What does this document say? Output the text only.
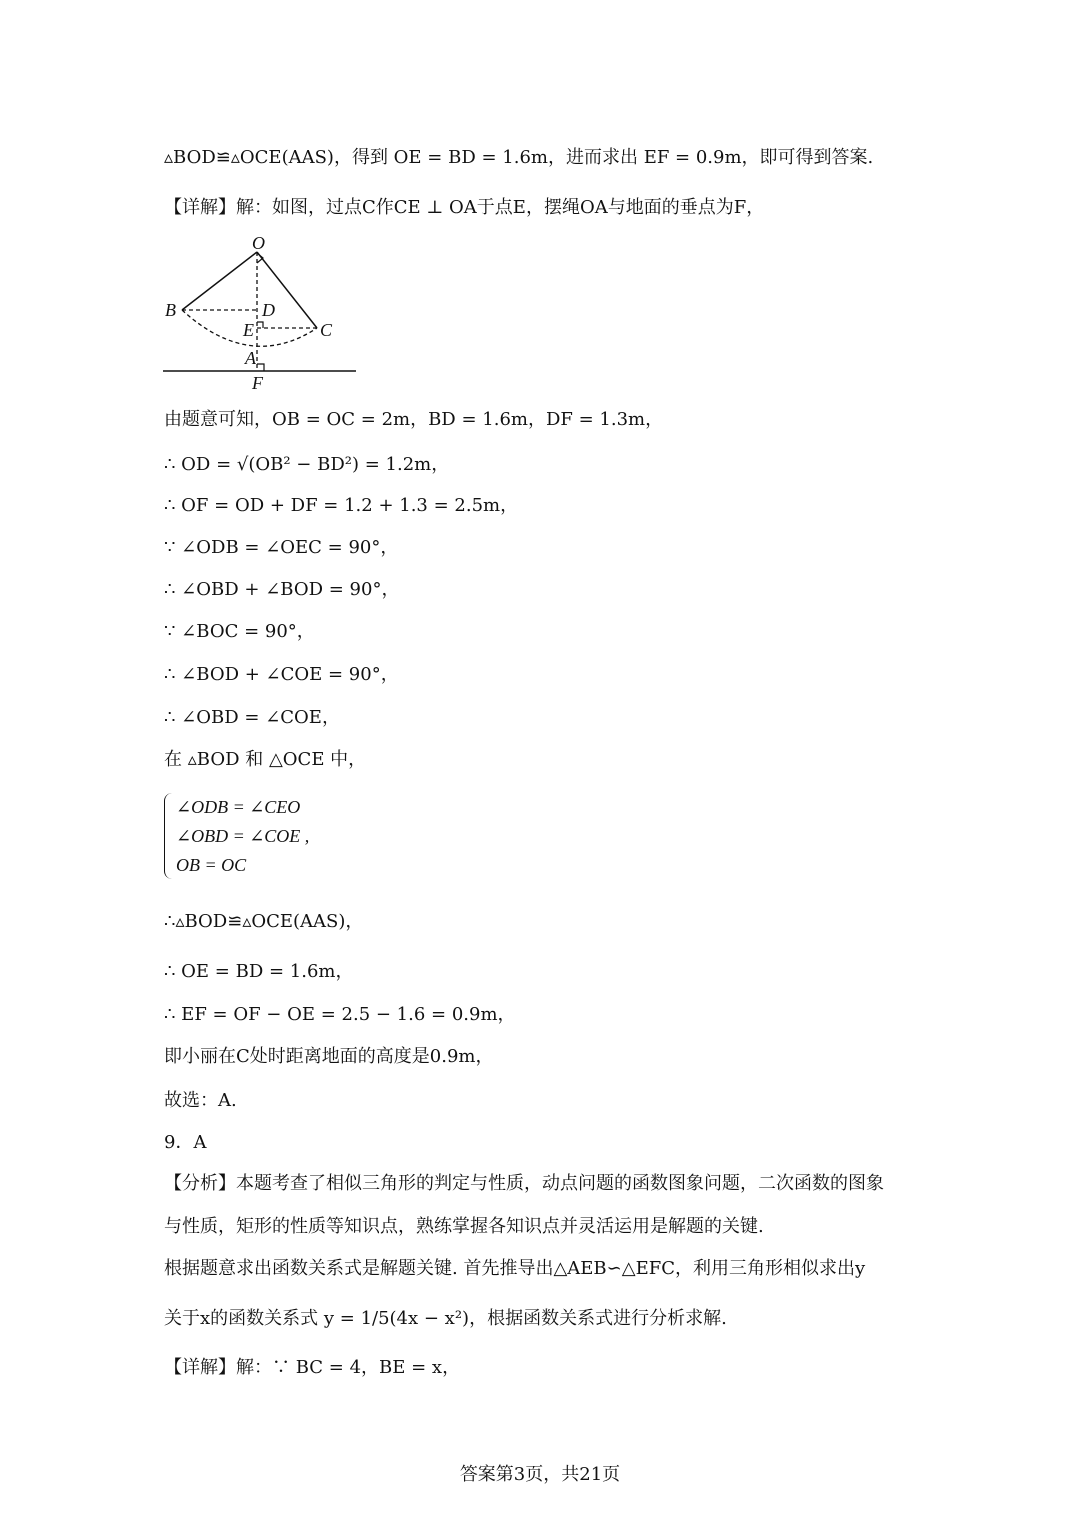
▵BOD≌▵OCE(AAS)，得到 OE = BD = 1.6m，进而求出 EF = 0.9m，即可得到答案.
【详解】解：如图，过点C作CE ⊥ OA于点E，摆绳OA与地面的垂点为F，
O
B	D
E	C
A
F
由题意可知，OB = OC = 2m，BD = 1.6m，DF = 1.3m，
∴ OD = √(OB² − BD²) = 1.2m，
∴ OF = OD + DF = 1.2 + 1.3 = 2.5m，
∵ ∠ODB = ∠OEC = 90°，
∴ ∠OBD + ∠BOD = 90°，
∵ ∠BOC = 90°，
∴ ∠BOD + ∠COE = 90°，
∴ ∠OBD = ∠COE，
在 ▵BOD 和 △OCE 中，
∠ODB = ∠CEO
∠OBD = ∠COE ,
OB = OC
∴▵BOD≌▵OCE(AAS)，
∴ OE = BD = 1.6m，
∴ EF = OF − OE = 2.5 − 1.6 = 0.9m，
即小丽在C处时距离地面的高度是0.9m，
故选：A.
9．A
【分析】本题考查了相似三角形的判定与性质，动点问题的函数图象问题，二次函数的图象
与性质，矩形的性质等知识点，熟练掌握各知识点并灵活运用是解题的关键.
根据题意求出函数关系式是解题关键. 首先推导出△AEB∽△EFC，利用三角形相似求出y
关于x的函数关系式 y = 1/5(4x − x²)，根据函数关系式进行分析求解.
【详解】解：∵ BC = 4，BE = x，
答案第3页，共21页
